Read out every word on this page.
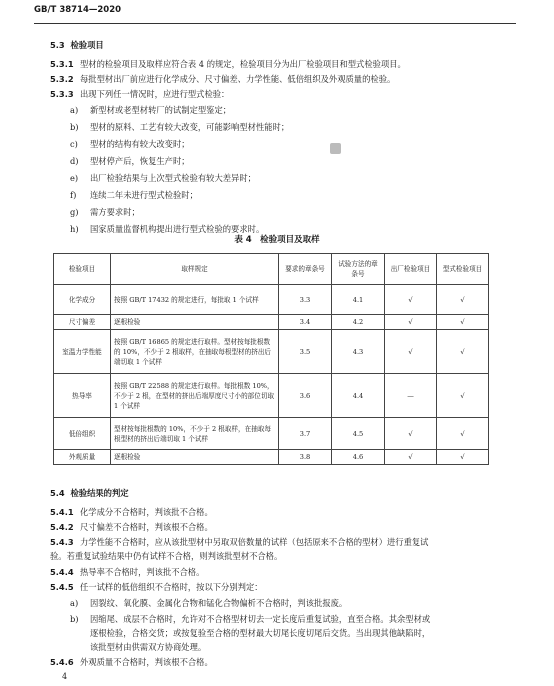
GB/T 38714—2020
5.3 检验项目
5.3.1 型材的检验项目及取样应符合表 4 的规定，检验项目分为出厂检验项目和型式检验项目。
5.3.2 每批型材出厂前应进行化学成分、尺寸偏差、力学性能、低倍组织及外观质量的检验。
5.3.3 出现下列任一情况时，应进行型式检验：
a) 新型材或老型材转厂的试制定型鉴定；
b) 型材的原料、工艺有较大改变，可能影响型材性能时；
c) 型材的结构有较大改变时；
d) 型材停产后，恢复生产时；
e) 出厂检验结果与上次型式检验有较大差异时；
f) 连续二年未进行型式检验时；
g) 需方要求时；
h) 国家质量监督机构提出进行型式检验的要求时。
表 4　检验项目及取样
检验项目	取样规定	要求的章条号	试验方法的章条号	出厂检验项目	型式检验项目
化学成分	按照 GB/T 17432 的规定进行，每批取 1 个试样	3.3	4.1	√	√
尺寸偏差	逐根检验	3.4	4.2	√	√
室温力学性能	按照 GB/T 16865 的规定进行取样。型材按每批根数的 10%，不少于 2 根取样，在抽取每根型材的挤出后端切取 1 个试样	3.5	4.3	√	√
热导率	按照 GB/T 22588 的规定进行取样。每批根数 10%，不少于 2 根，在型材的挤出后端厚度尺寸小的部位切取 1 个试样	3.6	4.4	—	√
低倍组织	型材按每批根数的 10%，不少于 2 根取样，在抽取每根型材的挤出后端切取 1 个试样	3.7	4.5	√	√
外观质量	逐根检验	3.8	4.6	√	√
5.4 检验结果的判定
5.4.1 化学成分不合格时，判该批不合格。
5.4.2 尺寸偏差不合格时，判该根不合格。
5.4.3 力学性能不合格时，应从该批型材中另取双倍数量的试样（包括原来不合格的型材）进行重复试
验。若重复试验结果中仍有试样不合格，则判该批型材不合格。
5.4.4 热导率不合格时，判该批不合格。
5.4.5 任一试样的低倍组织不合格时，按以下分别判定：
a) 因裂纹、氧化膜、金属化合物和锰化合物偏析不合格时，判该批报废。
b) 因缩尾、成层不合格时，允许对不合格型材切去一定长度后重复试验，直至合格。其余型材或
逐根检验，合格交货；或按复验至合格的型材最大切尾长度切尾后交货。当出现其他缺陷时，
该批型材由供需双方协商处理。
5.4.6 外观质量不合格时，判该根不合格。
4
